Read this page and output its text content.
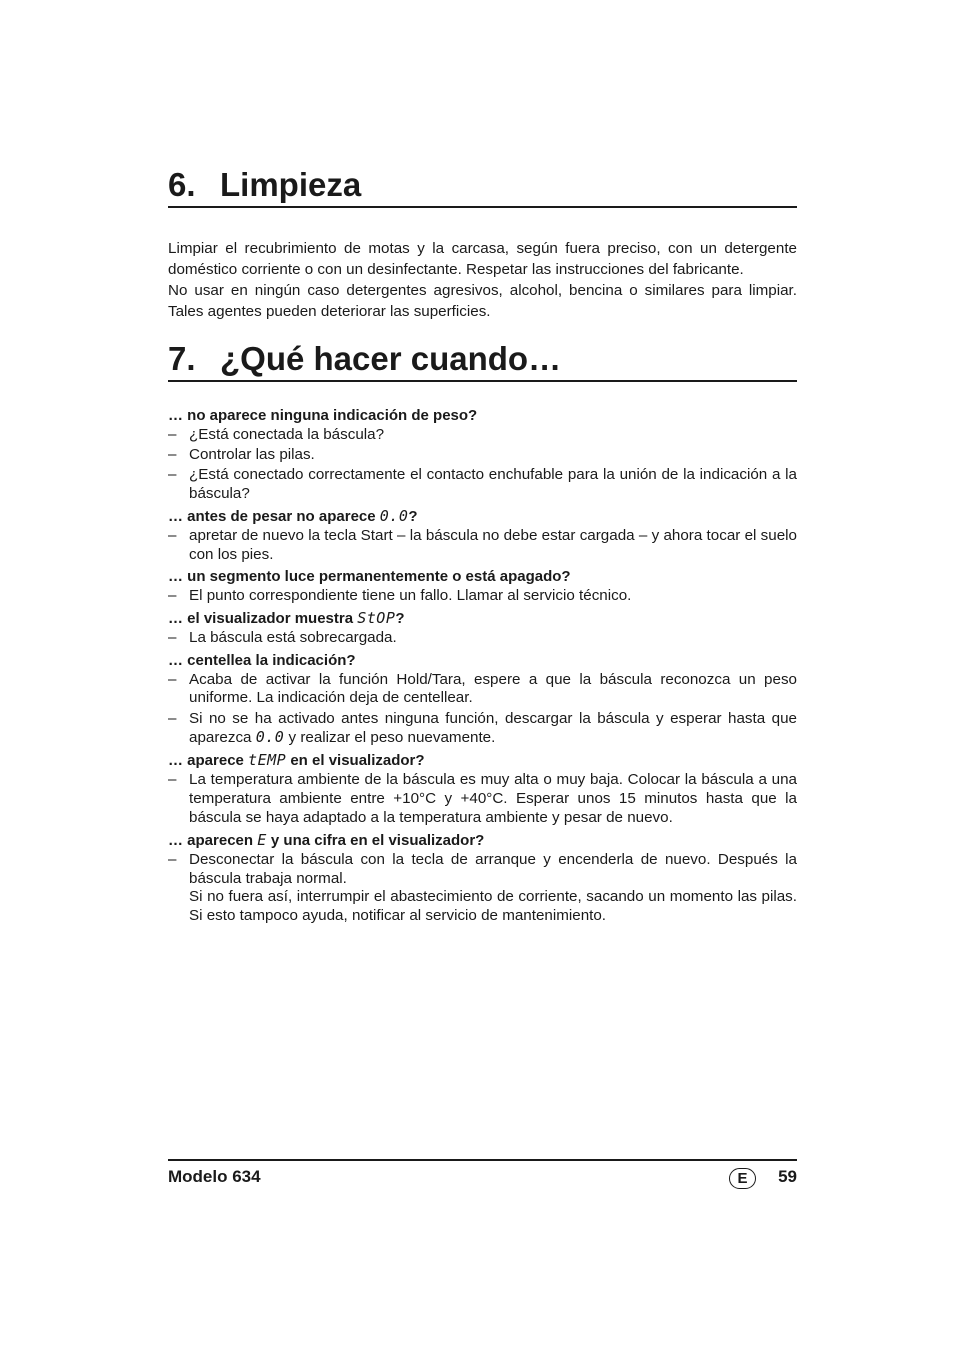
6. Limpieza

Limpiar el recubrimiento de motas y la carcasa, según fuera preciso, con un detergente doméstico corriente o con un desinfectante. Respetar las instrucciones del fabricante.

No usar en ningún caso detergentes agresivos, alcohol, bencina o similares para limpiar. Tales agentes pueden deteriorar las superficies.

7. ¿Qué hacer cuando…
… no aparece ninguna indicación de peso?
– ¿Está conectada la báscula?
– Controlar las pilas.
– ¿Está conectado correctamente el contacto enchufable para la unión de la indicación a la báscula?
… antes de pesar no aparece 0.0?
– apretar de nuevo la tecla Start – la báscula no debe estar cargada – y ahora tocar el suelo con los pies.
… un segmento luce permanentemente o está apagado?
– El punto correspondiente tiene un fallo. Llamar al servicio técnico.
… el visualizador muestra StOP?
– La báscula está sobrecargada.
… centellea la indicación?
– Acaba de activar la función Hold/Tara, espere a que la báscula reconozca un peso uniforme. La indicación deja de centellear.
– Si no se ha activado antes ninguna función, descargar la báscula y esperar hasta que aparezca 0.0 y realizar el peso nuevamente.
… aparece tEMP en el visualizador?
– La temperatura ambiente de la báscula es muy alta o muy baja. Colocar la báscula a una temperatura ambiente entre +10°C y +40°C. Esperar unos 15 minutos hasta que la báscula se haya adaptado a la temperatura ambiente y pesar de nuevo.
… aparecen E y una cifra en el visualizador?
– Desconectar la báscula con la tecla de arranque y encenderla de nuevo. Después la báscula trabaja normal.
Si no fuera así, interrumpir el abastecimiento de corriente, sacando un momento las pilas. Si esto tampoco ayuda, notificar al servicio de mantenimiento.
Modelo 634	E	59
